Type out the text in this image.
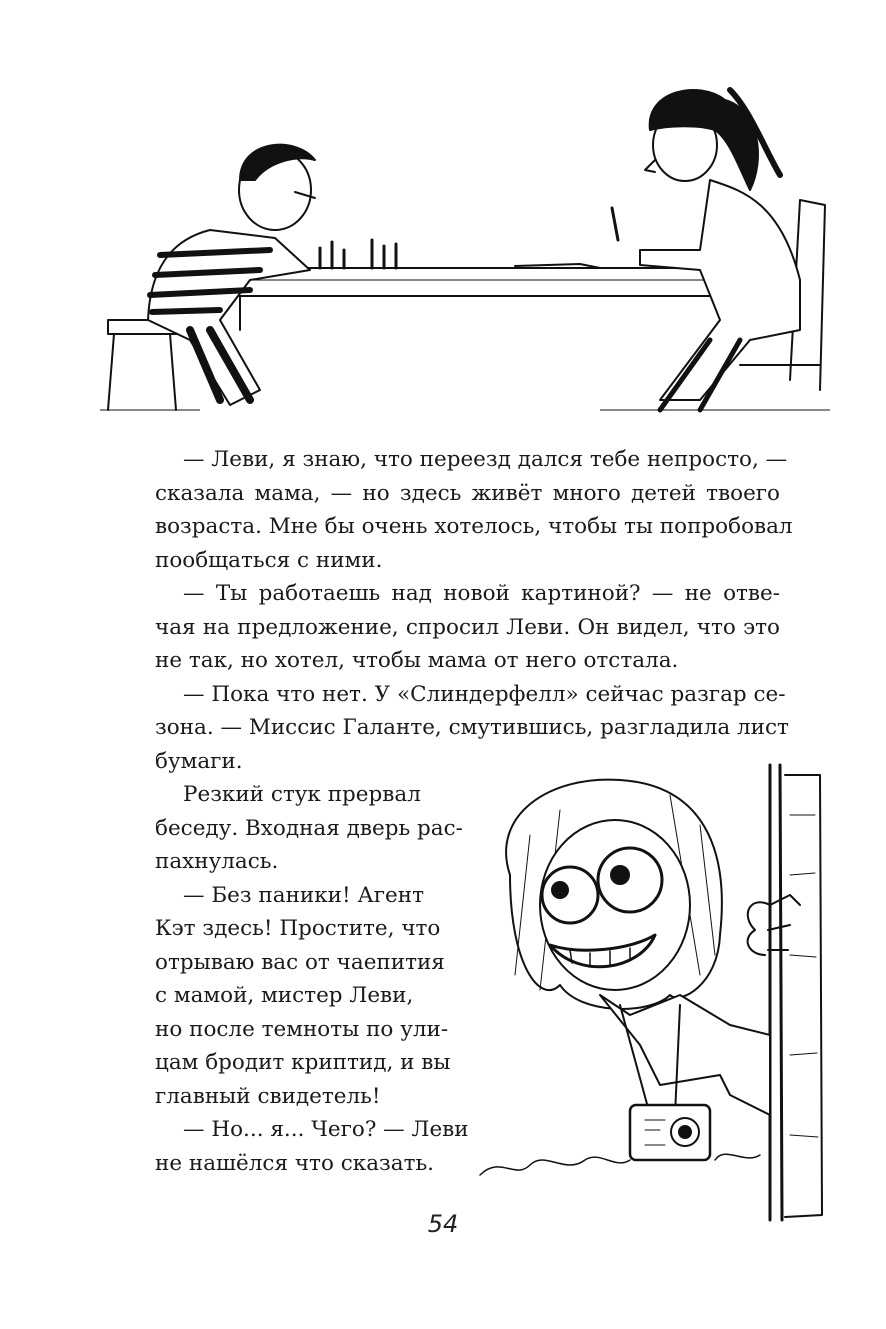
— Леви, я знаю, что переезд дался тебе непросто, —
сказала мама, — но здесь живёт много детей твоего
возраста. Мне бы очень хотелось, чтобы ты попробовал
пообщаться с ними.
— Ты работаешь над новой картиной? — не отве-
чая на предложение, спросил Леви. Он видел, что это
не так, но хотел, чтобы мама от него отстала.
— Пока что нет. У «Слиндерфелл» сейчас разгар се-
зона. — Миссис Галанте, смутившись, разгладила лист
бумаги.
Резкий стук прервал
беседу. Входная дверь рас-
пахнулась.
— Без паники! Агент
Кэт здесь! Простите, что
отрываю вас от чаепития
с мамой, мистер Леви,
но после темноты по ули-
цам бродит криптид, и вы
главный свидетель!
— Но... я... Чего? — Леви
не нашёлся что сказать.
54
